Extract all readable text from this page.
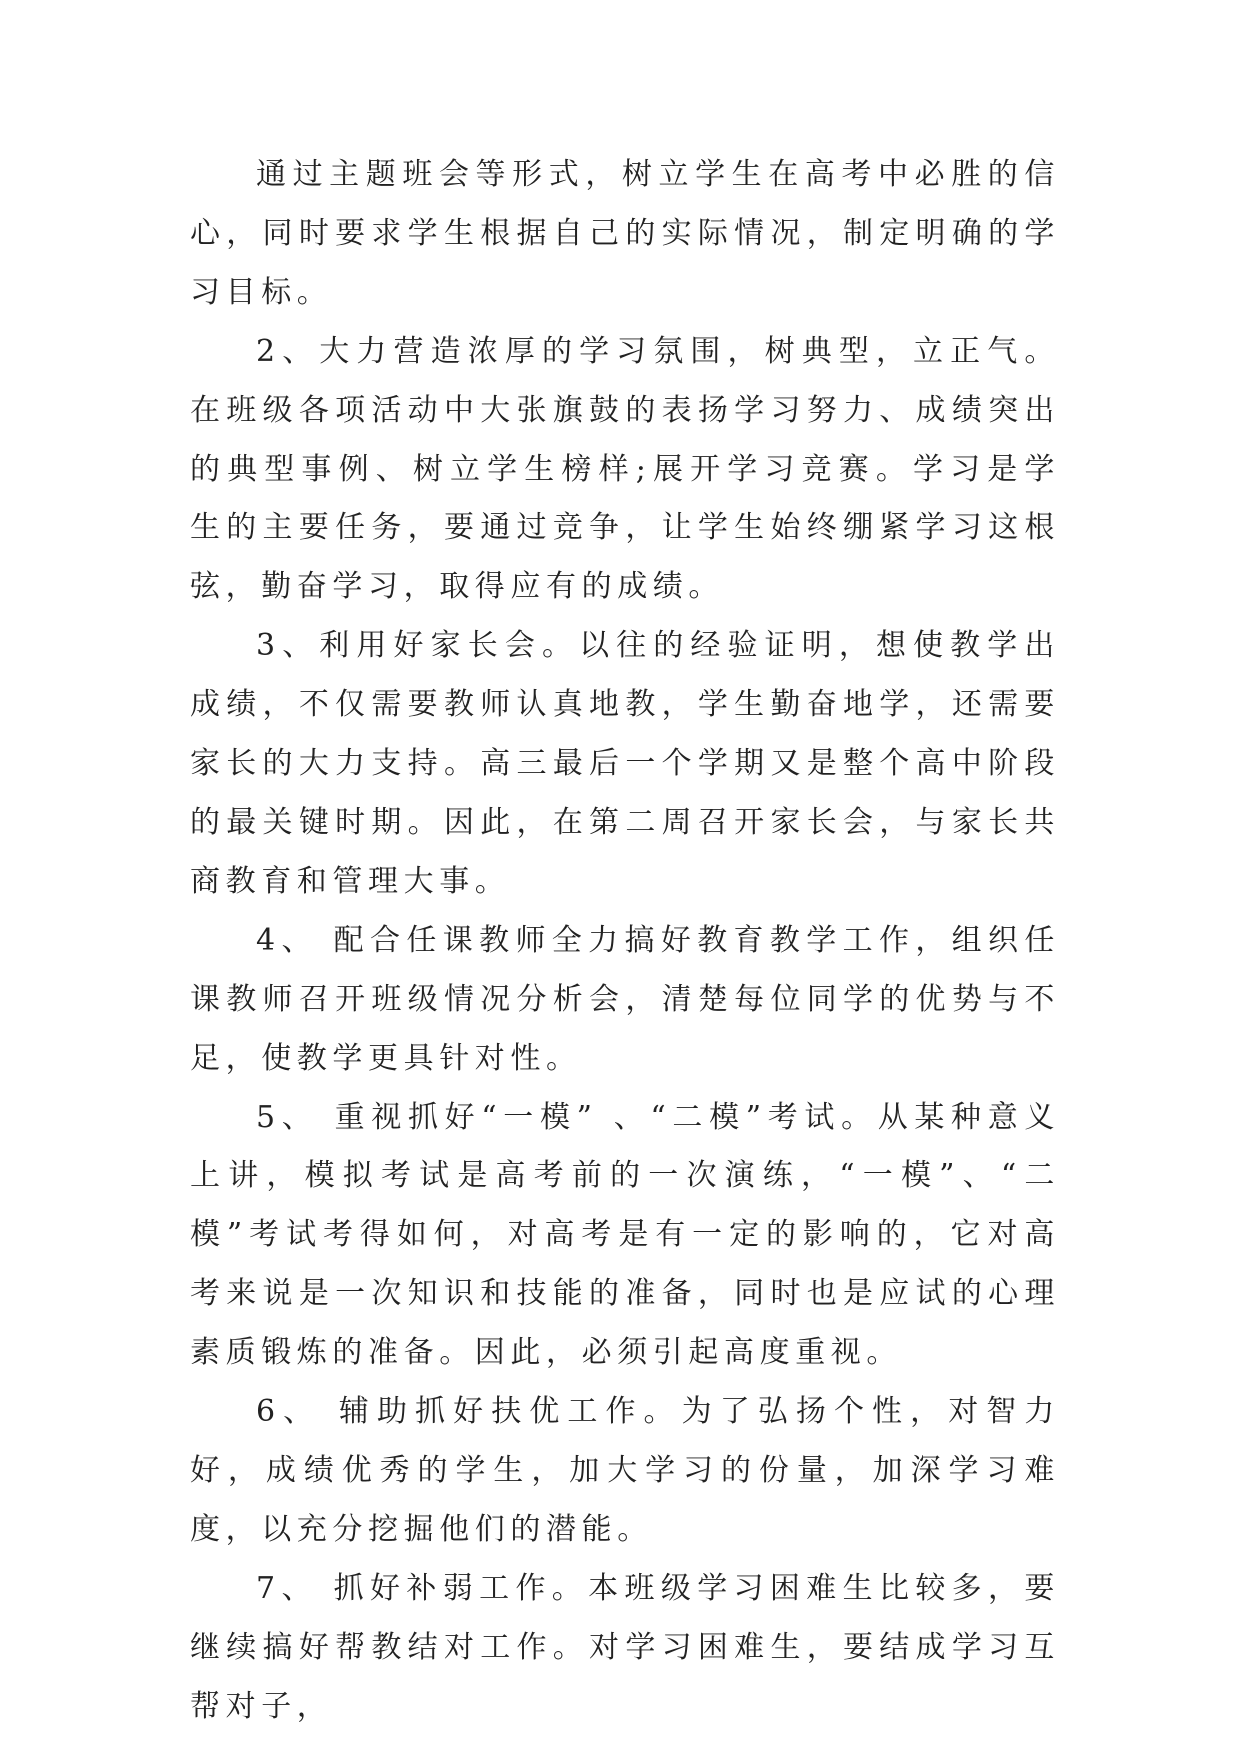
通过主题班会等形式，树立学生在高考中必胜的信心，同时要求学生根据自己的实际情况，制定明确的学习目标。

2、大力营造浓厚的学习氛围，树典型，立正气。在班级各项活动中大张旗鼓的表扬学习努力、成绩突出的典型事例、树立学生榜样;展开学习竞赛。学习是学生的主要任务，要通过竞争，让学生始终绷紧学习这根弦，勤奋学习，取得应有的成绩。

3、利用好家长会。以往的经验证明，想使教学出成绩，不仅需要教师认真地教，学生勤奋地学，还需要家长的大力支持。高三最后一个学期又是整个高中阶段的最关键时期。因此，在第二周召开家长会，与家长共商教育和管理大事。

4、 配合任课教师全力搞好教育教学工作，组织任课教师召开班级情况分析会，清楚每位同学的优势与不足，使教学更具针对性。

5、 重视抓好“一模” 、“二模”考试。从某种意义上讲，模拟考试是高考前的一次演练，“一模”、“二模”考试考得如何，对高考是有一定的影响的，它对高考来说是一次知识和技能的准备，同时也是应试的心理素质锻炼的准备。因此，必须引起高度重视。

6、 辅助抓好扶优工作。为了弘扬个性，对智力好，成绩优秀的学生，加大学习的份量，加深学习难度，以充分挖掘他们的潜能。

7、 抓好补弱工作。本班级学习困难生比较多，要继续搞好帮教结对工作。对学习困难生，要结成学习互帮对子，
